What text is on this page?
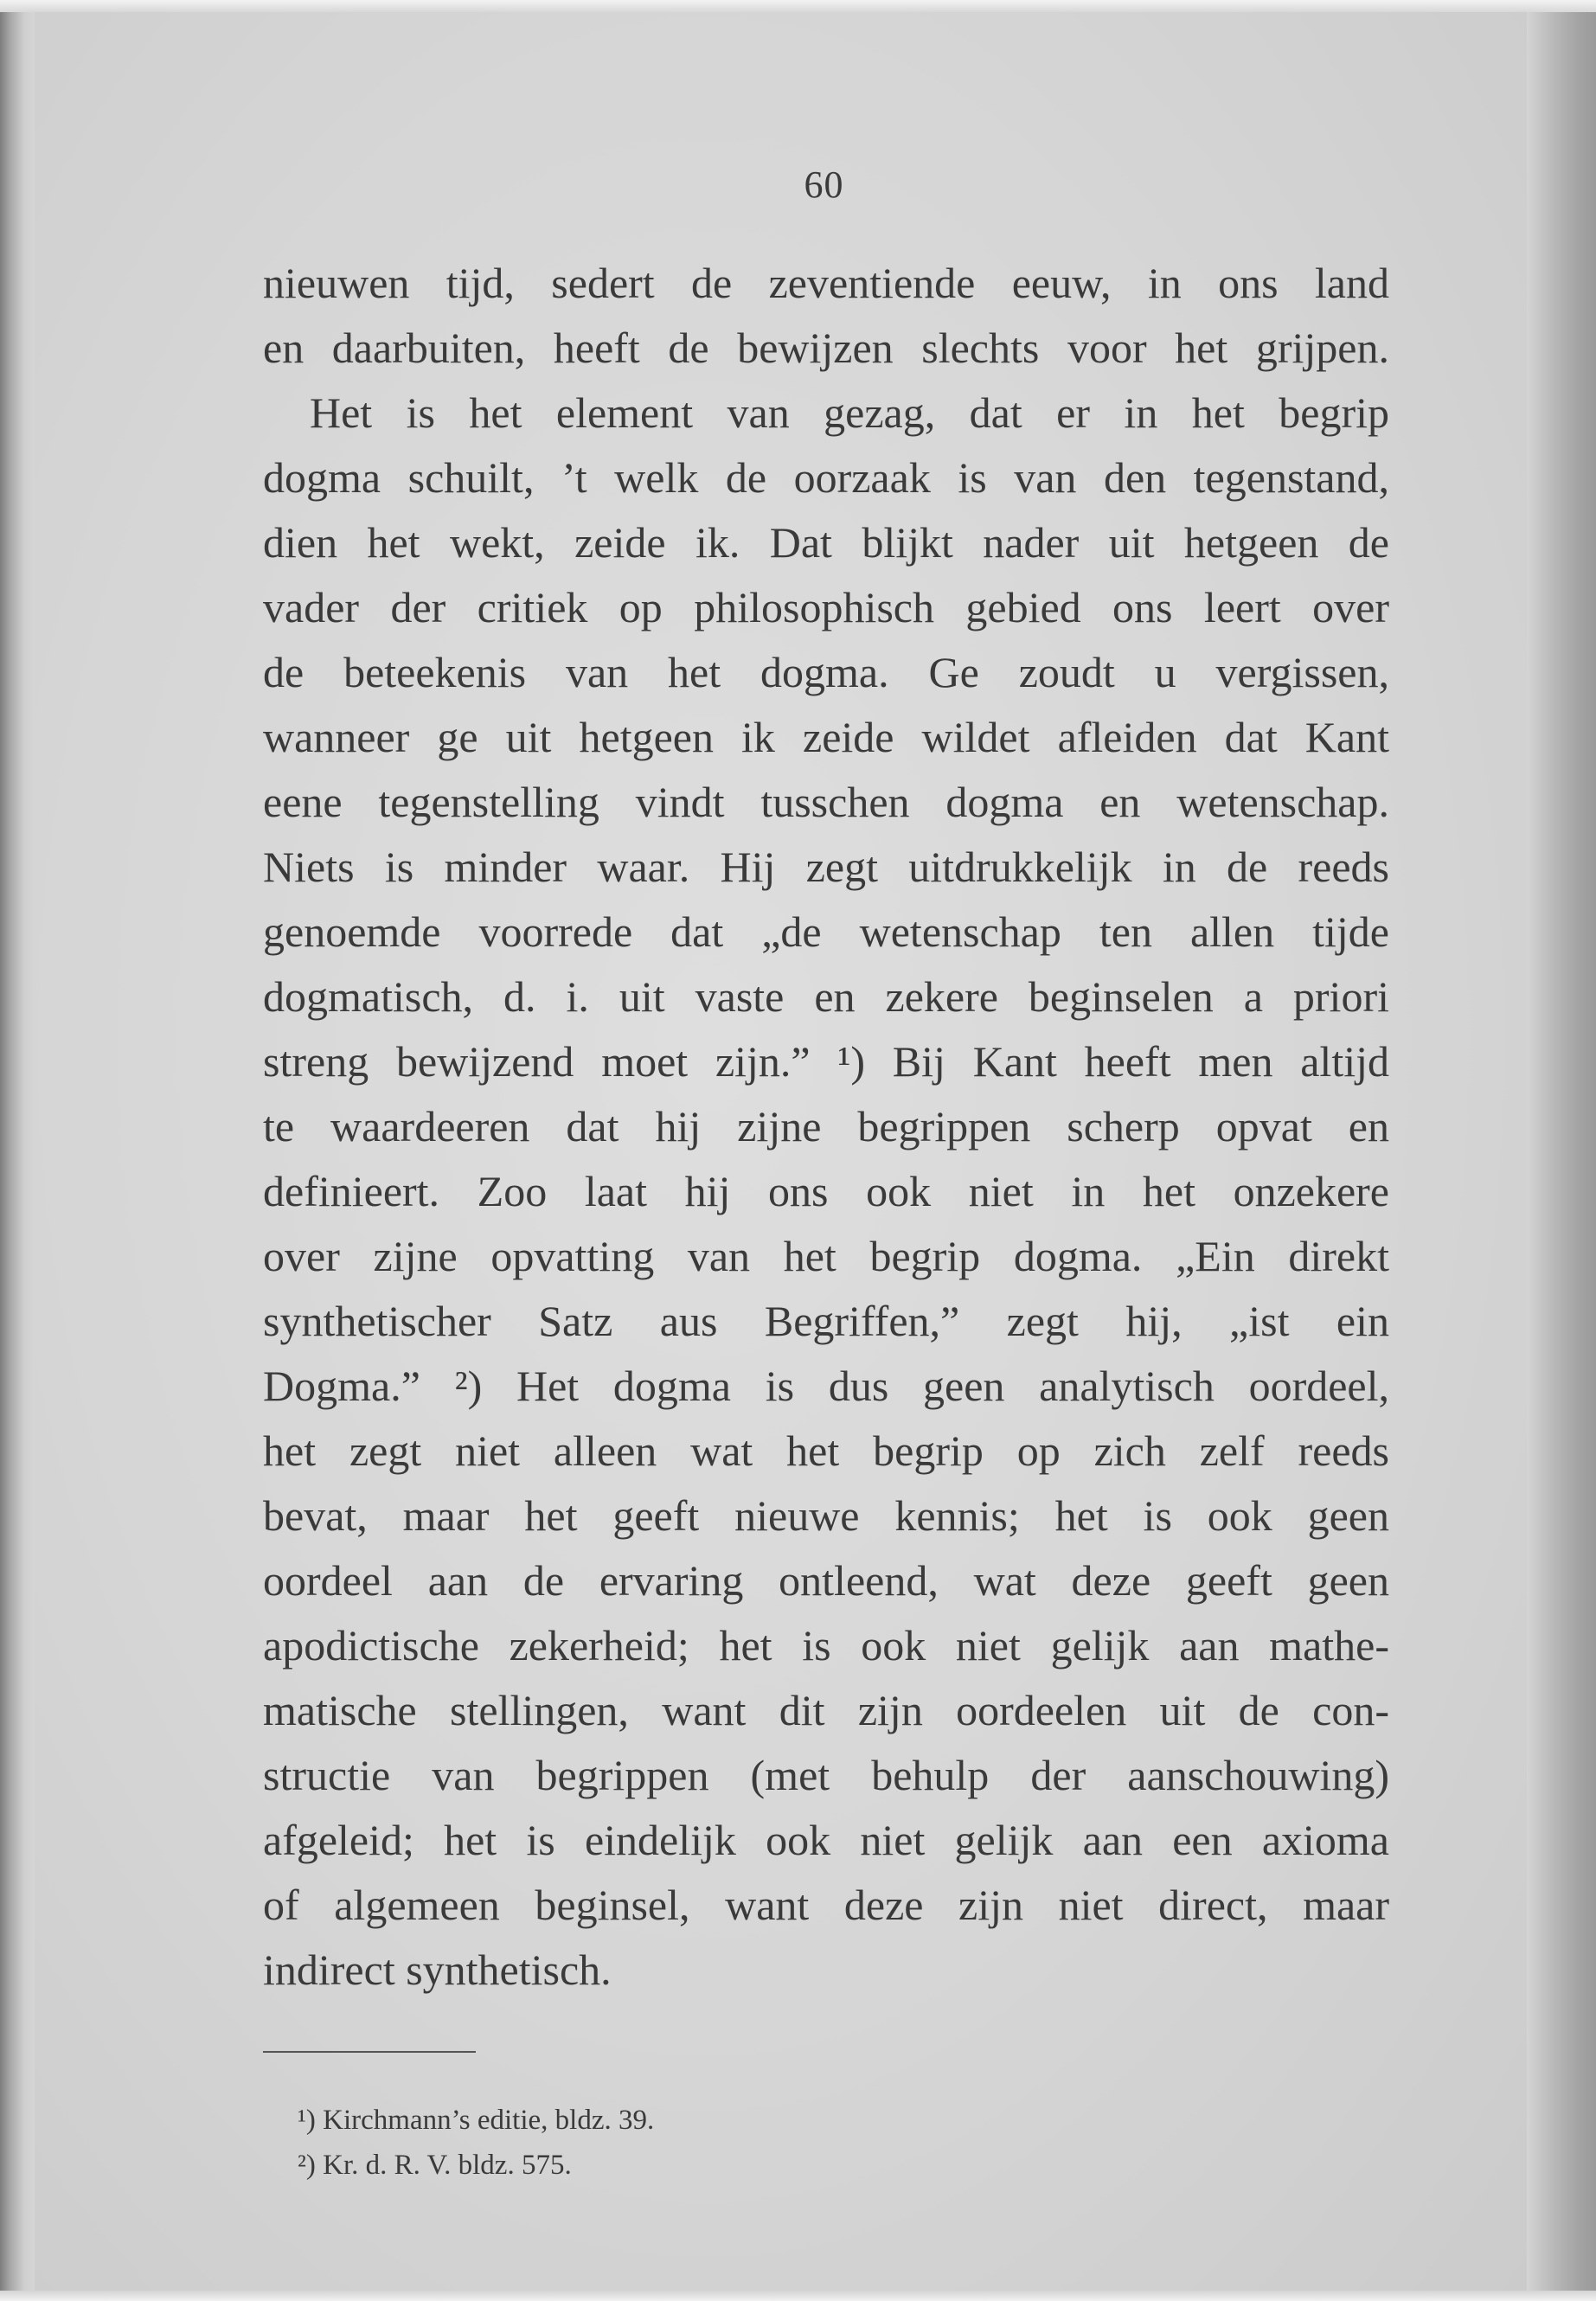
60
nieuwen tijd, sedert de zeventiende eeuw, in ons land
en daarbuiten, heeft de bewijzen slechts voor het grijpen.
Het is het element van gezag, dat er in het begrip
dogma schuilt, ’t welk de oorzaak is van den tegenstand,
dien het wekt, zeide ik. Dat blijkt nader uit hetgeen de
vader der critiek op philosophisch gebied ons leert over
de beteekenis van het dogma. Ge zoudt u vergissen,
wanneer ge uit hetgeen ik zeide wildet afleiden dat Kant
eene tegenstelling vindt tusschen dogma en wetenschap.
Niets is minder waar. Hij zegt uitdrukkelijk in de reeds
genoemde voorrede dat „de wetenschap ten allen tijde
dogmatisch, d. i. uit vaste en zekere beginselen a priori
streng bewijzend moet zijn.” ¹) Bij Kant heeft men altijd
te waardeeren dat hij zijne begrippen scherp opvat en
definieert. Zoo laat hij ons ook niet in het onzekere
over zijne opvatting van het begrip dogma. „Ein direkt
synthetischer Satz aus Begriffen,” zegt hij, „ist ein
Dogma.” ²) Het dogma is dus geen analytisch oordeel,
het zegt niet alleen wat het begrip op zich zelf reeds
bevat, maar het geeft nieuwe kennis; het is ook geen
oordeel aan de ervaring ontleend, wat deze geeft geen
apodictische zekerheid; het is ook niet gelijk aan mathe-
matische stellingen, want dit zijn oordeelen uit de con-
structie van begrippen (met behulp der aanschouwing)
afgeleid; het is eindelijk ook niet gelijk aan een axioma
of algemeen beginsel, want deze zijn niet direct, maar
indirect synthetisch.
¹) Kirchmann’s editie, bldz. 39.
²) Kr. d. R. V. bldz. 575.
